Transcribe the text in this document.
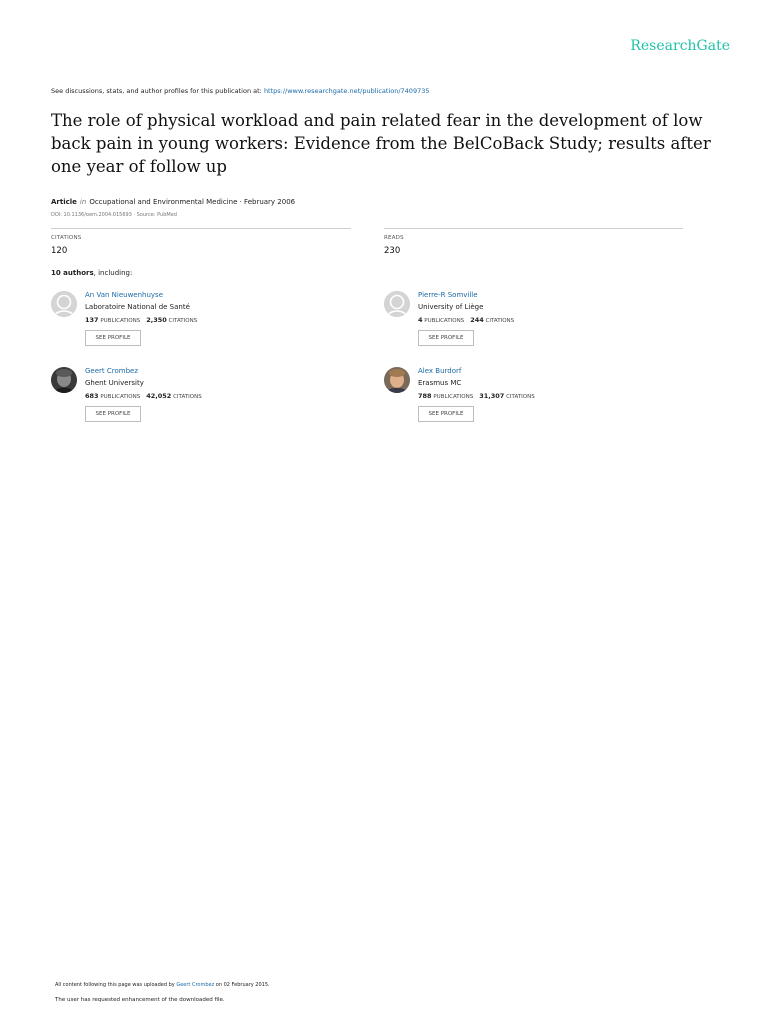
ResearchGate
See discussions, stats, and author profiles for this publication at: https://www.researchgate.net/publication/7409735
The role of physical workload and pain related fear in the development of low back pain in young workers: Evidence from the BelCoBack Study; results after one year of follow up
Article in Occupational and Environmental Medicine · February 2006
DOI: 10.1136/oem.2004.015693 · Source: PubMed
CITATIONS
120
READS
230
10 authors, including:
An Van Nieuwenhuyse
Laboratoire National de Santé
137 PUBLICATIONS 2,350 CITATIONS
SEE PROFILE
Pierre-R Somville
University of Liège
4 PUBLICATIONS 244 CITATIONS
SEE PROFILE
Geert Crombez
Ghent University
683 PUBLICATIONS 42,052 CITATIONS
SEE PROFILE
Alex Burdorf
Erasmus MC
788 PUBLICATIONS 31,307 CITATIONS
SEE PROFILE
All content following this page was uploaded by Geert Crombez on 02 February 2015.
The user has requested enhancement of the downloaded file.
